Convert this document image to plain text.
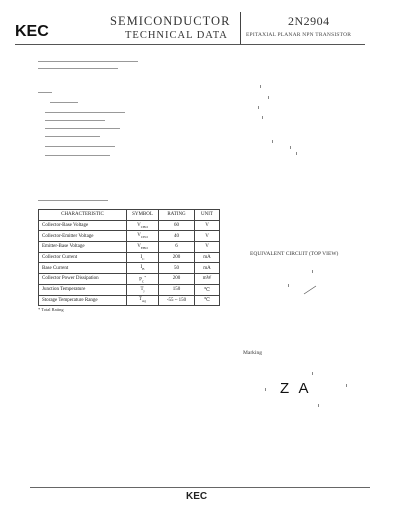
KEC
SEMICONDUCTOR
TECHNICAL DATA
2N2904
EPITAXIAL PLANAR NPN TRANSISTOR
CHARACTERISTIC	SYMBOL	RATING	UNIT
Collector-Base Voltage	$V_{CBO}$	60	V
Collector-Emitter Voltage	$V_{CEO}$	40	V
Emitter-Base Voltage	$V_{EBO}$	6	V
Collector Current	$I_C$	200	mA
Base Current	$I_B$	50	mA
Collector Power Dissipation	$P_C^*$	200	mW
Junction Temperature	$T_j$	150	℃
Storage Temperature Range	$T_{stg}$	-55 ~ 150	℃
* Total Rating
EQUIVALENT CIRCUIT (TOP VIEW)
Marking
Z A
KEC
